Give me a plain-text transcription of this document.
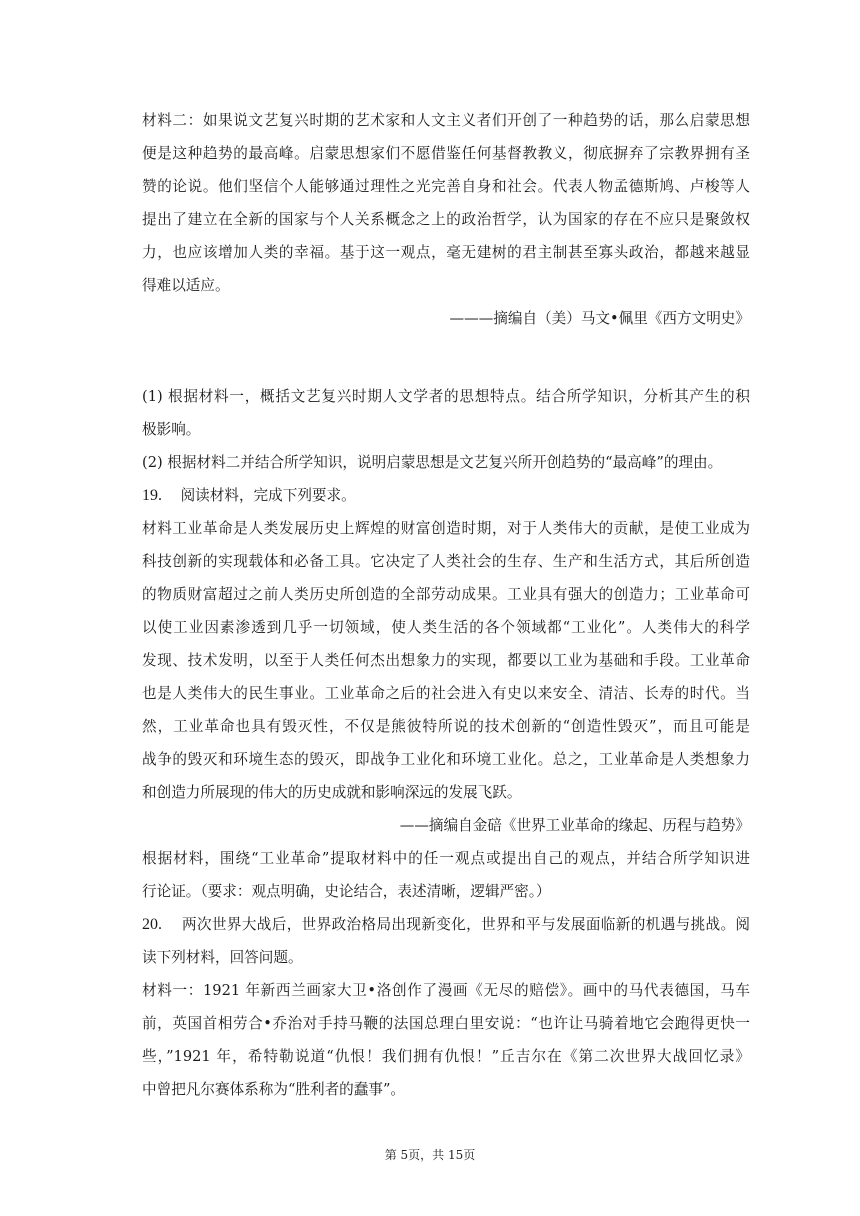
材料二：如果说文艺复兴时期的艺术家和人文主义者们开创了一种趋势的话，那么启蒙思想
便是这种趋势的最高峰。启蒙思想家们不愿借鉴任何基督教教义，彻底摒弃了宗教界拥有圣
赞的论说。他们坚信个人能够通过理性之光完善自身和社会。代表人物孟德斯鸠、卢梭等人
提出了建立在全新的国家与个人关系概念之上的政治哲学，认为国家的存在不应只是聚敛权
力，也应该增加人类的幸福。基于这一观点，毫无建树的君主制甚至寡头政治，都越来越显
得难以适应。

———摘编自（美）马文•佩里《西方文明史》

(1) 根据材料一，概括文艺复兴时期人文学者的思想特点。结合所学知识，分析其产生的积
极影响。
(2) 根据材料二并结合所学知识，说明启蒙思想是文艺复兴所开创趋势的“最高峰”的理由。
19. 阅读材料，完成下列要求。
材料工业革命是人类发展历史上辉煌的财富创造时期，对于人类伟大的贡献，是使工业成为
科技创新的实现载体和必备工具。它决定了人类社会的生存、生产和生活方式，其后所创造
的物质财富超过之前人类历史所创造的全部劳动成果。工业具有强大的创造力；工业革命可
以使工业因素渗透到几乎一切领域，使人类生活的各个领域都“工业化”。人类伟大的科学
发现、技术发明，以至于人类任何杰出想象力的实现，都要以工业为基础和手段。工业革命
也是人类伟大的民生事业。工业革命之后的社会进入有史以来安全、清洁、长寿的时代。当
然，工业革命也具有毁灭性，不仅是熊彼特所说的技术创新的“创造性毁灭”，而且可能是
战争的毁灭和环境生态的毁灭，即战争工业化和环境工业化。总之，工业革命是人类想象力
和创造力所展现的伟大的历史成就和影响深远的发展飞跃。

——摘编自金碚《世界工业革命的缘起、历程与趋势》

根据材料，围绕“工业革命”提取材料中的任一观点或提出自己的观点，并结合所学知识进
行论证。（要求：观点明确，史论结合，表述清晰，逻辑严密。）
20. 两次世界大战后，世界政治格局出现新变化，世界和平与发展面临新的机遇与挑战。阅
读下列材料，回答问题。
材料一：1921 年新西兰画家大卫•洛创作了漫画《无尽的赔偿》。画中的马代表德国，马车
前，英国首相劳合•乔治对手持马鞭的法国总理白里安说：“也许让马骑着地它会跑得更快一
些，”1921 年，希特勒说道“仇恨！我们拥有仇恨！”丘吉尔在《第二次世界大战回忆录》
中曾把凡尔赛体系称为“胜利者的蠢事”。
第 5页，共 15页
